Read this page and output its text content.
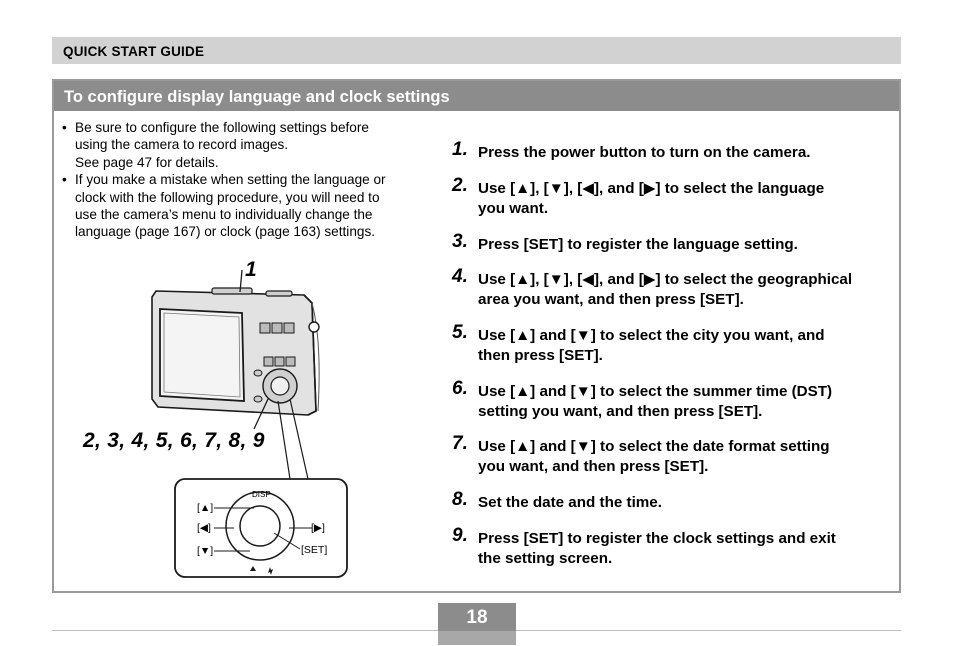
QUICK START GUIDE
To configure display language and clock settings
• Be sure to configure the following settings before
using the camera to record images.
See page 47 for details.
• If you make a mistake when setting the language or
clock with the following procedure, you will need to
use the camera’s menu to individually change the
language (page 167) or clock (page 163) settings.
DISP
[▲]
[◀]	[▶]
[▼]	[SET]
1
2, 3, 4, 5, 6, 7, 8, 9
1. Press the power button to turn on the camera.
2. Use [▲], [▼], [◀], and [▶] to select the language
you want.
3. Press [SET] to register the language setting.
4. Use [▲], [▼], [◀], and [▶] to select the geographical
area you want, and then press [SET].
5. Use [▲] and [▼] to select the city you want, and
then press [SET].
6. Use [▲] and [▼] to select the summer time (DST)
setting you want, and then press [SET].
7. Use [▲] and [▼] to select the date format setting
you want, and then press [SET].
8. Set the date and the time.
9. Press [SET] to register the clock settings and exit
the setting screen.
18
